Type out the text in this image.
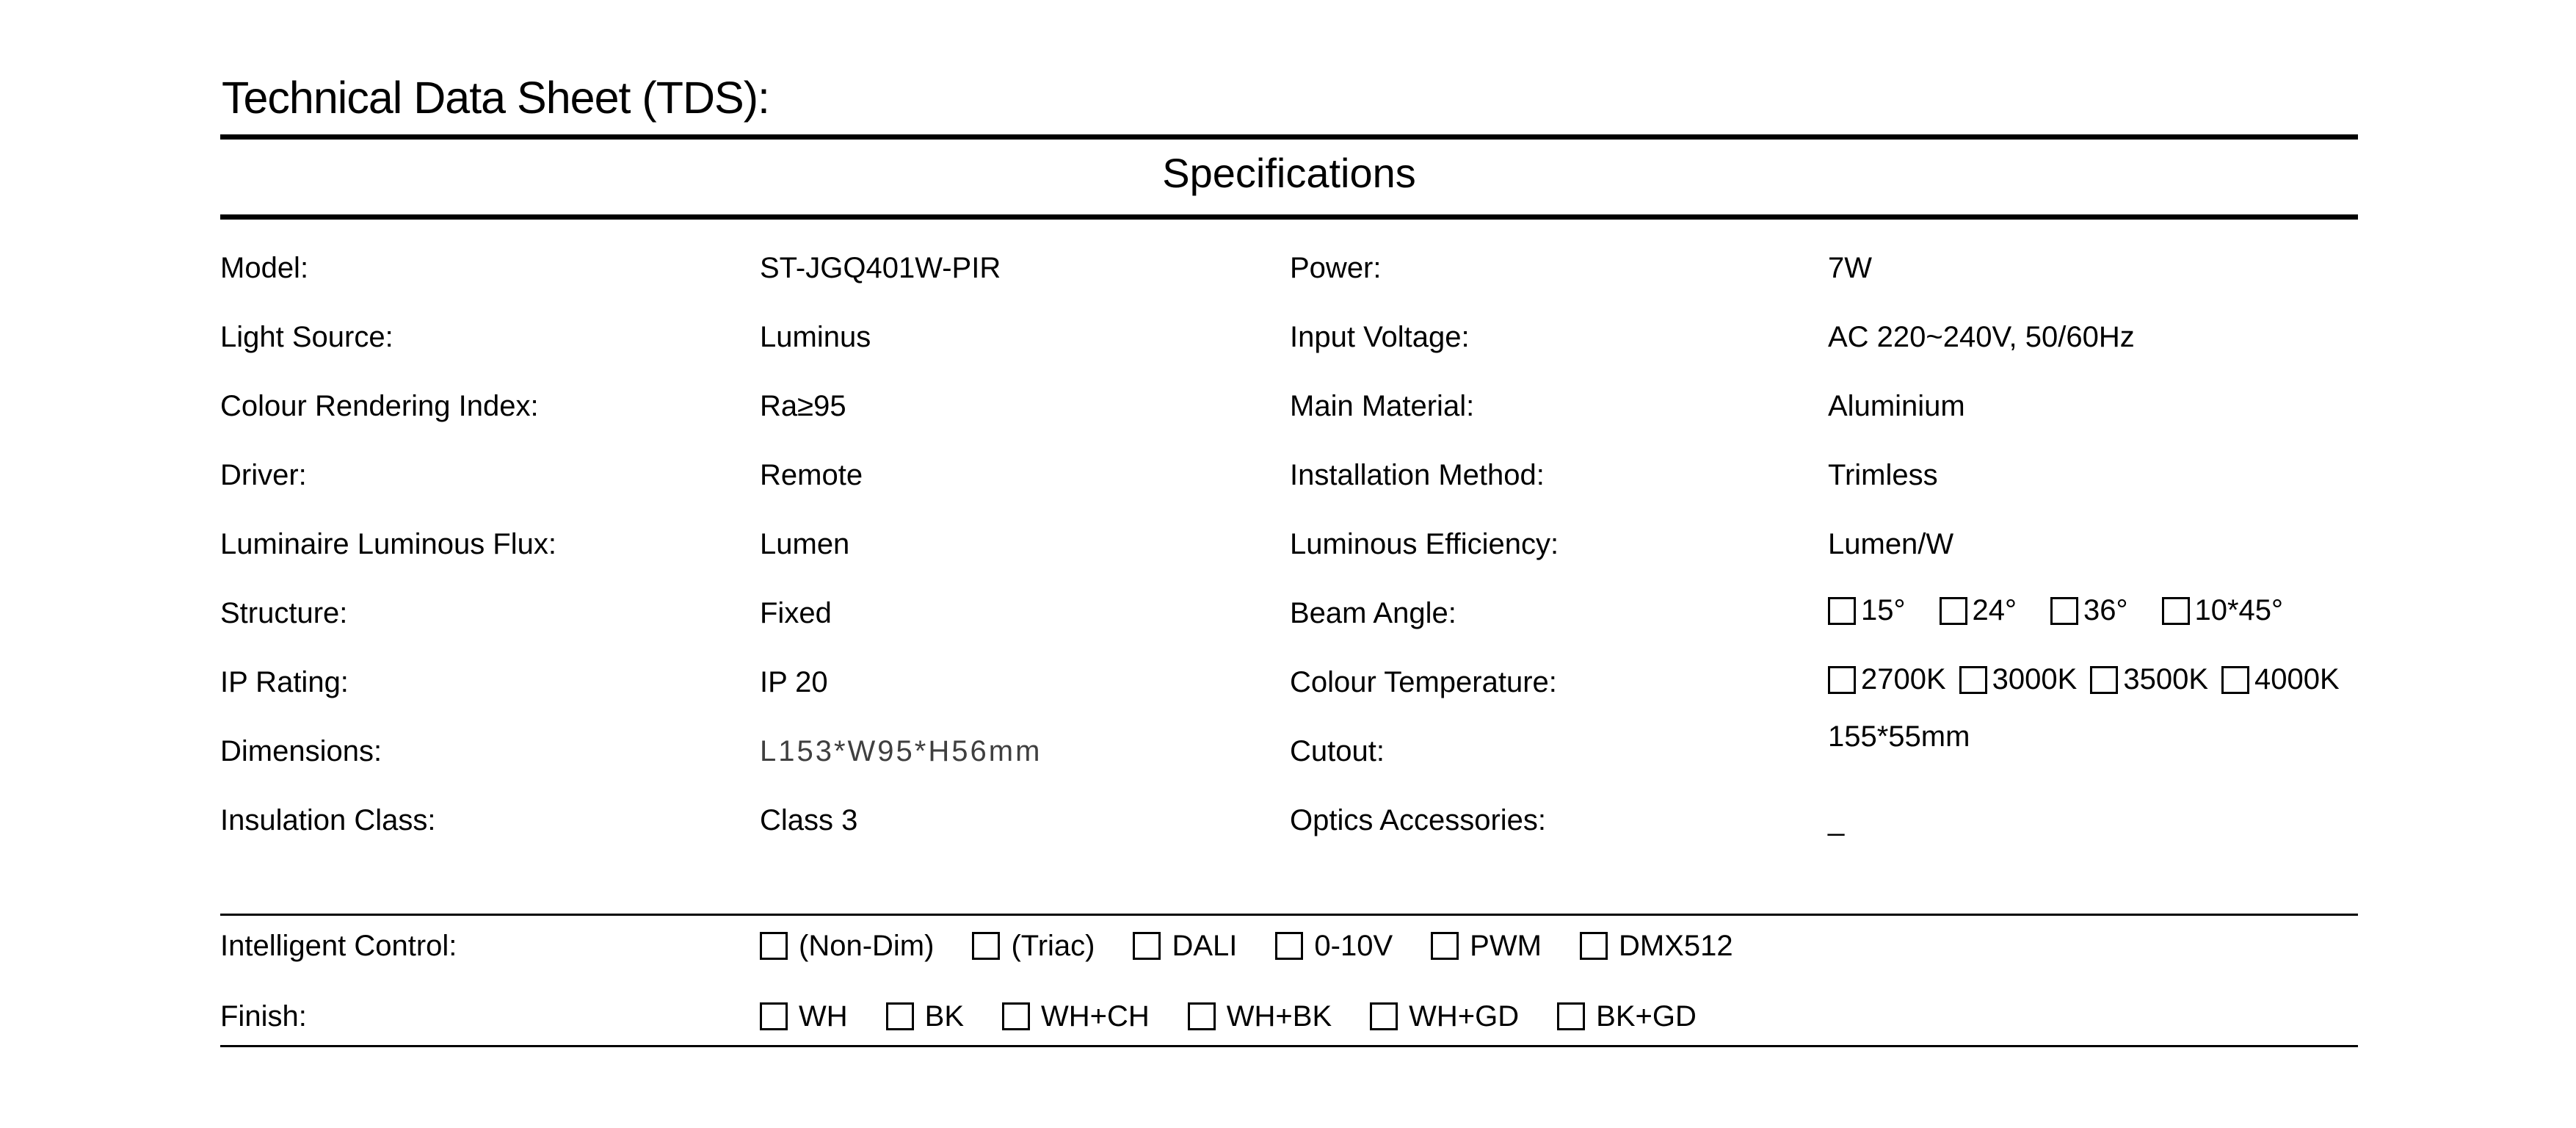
Technical Data Sheet (TDS):
Specifications
Model:	ST-JGQ401W-PIR	Power:	7W
Light Source:	Luminus	Input Voltage:	AC 220~240V, 50/60Hz
Colour Rendering Index:	Ra≥95	Main Material:	Aluminium
Driver:	Remote	Installation Method:	Trimless
Luminaire Luminous Flux:	Lumen	Luminous Efficiency:	Lumen/W
Structure:	Fixed	Beam Angle:	15° 24° 36° 10*45°
IP Rating:	IP 20	Colour Temperature:	2700K 3000K 3500K 4000K
Dimensions:	L153*W95*H56mm	Cutout:	155*55mm
Insulation Class:	Class 3	Optics Accessories:	_
Intelligent Control:	(Non-Dim)	(Triac)	DALI	0-10V	PWM	DMX512
Finish:	WH	BK	WH+CH	WH+BK	WH+GD	BK+GD
